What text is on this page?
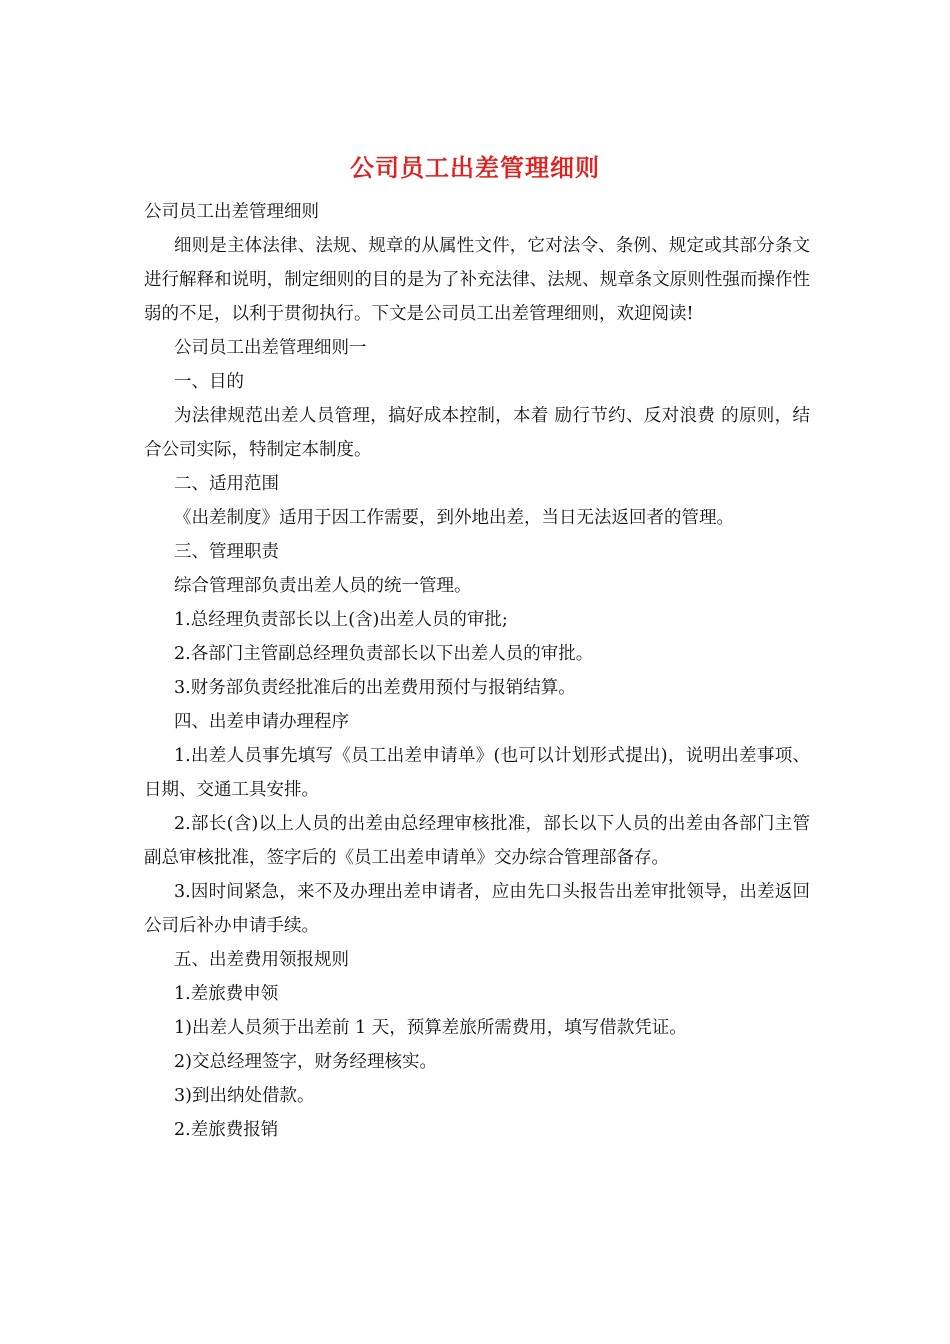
公司员工出差管理细则

公司员工出差管理细则

细则是主体法律、法规、规章的从属性文件，它对法令、条例、规定或其部分条文进行解释和说明，制定细则的目的是为了补充法律、法规、规章条文原则性强而操作性弱的不足，以利于贯彻执行。下文是公司员工出差管理细则，欢迎阅读!

公司员工出差管理细则一

一、目的

为法律规范出差人员管理，搞好成本控制，本着 励行节约、反对浪费 的原则，结合公司实际，特制定本制度。

二、适用范围

《出差制度》适用于因工作需要，到外地出差，当日无法返回者的管理。

三、管理职责

综合管理部负责出差人员的统一管理。

1.总经理负责部长以上(含)出差人员的审批;

2.各部门主管副总经理负责部长以下出差人员的审批。

3.财务部负责经批准后的出差费用预付与报销结算。

四、出差申请办理程序

1.出差人员事先填写《员工出差申请单》(也可以计划形式提出)，说明出差事项、日期、交通工具安排。

2.部长(含)以上人员的出差由总经理审核批准，部长以下人员的出差由各部门主管副总审核批准，签字后的《员工出差申请单》交办综合管理部备存。

3.因时间紧急，来不及办理出差申请者，应由先口头报告出差审批领导，出差返回公司后补办申请手续。

五、出差费用领报规则

1.差旅费申领

1)出差人员须于出差前 1 天，预算差旅所需费用，填写借款凭证。

2)交总经理签字，财务经理核实。

3)到出纳处借款。

2.差旅费报销
